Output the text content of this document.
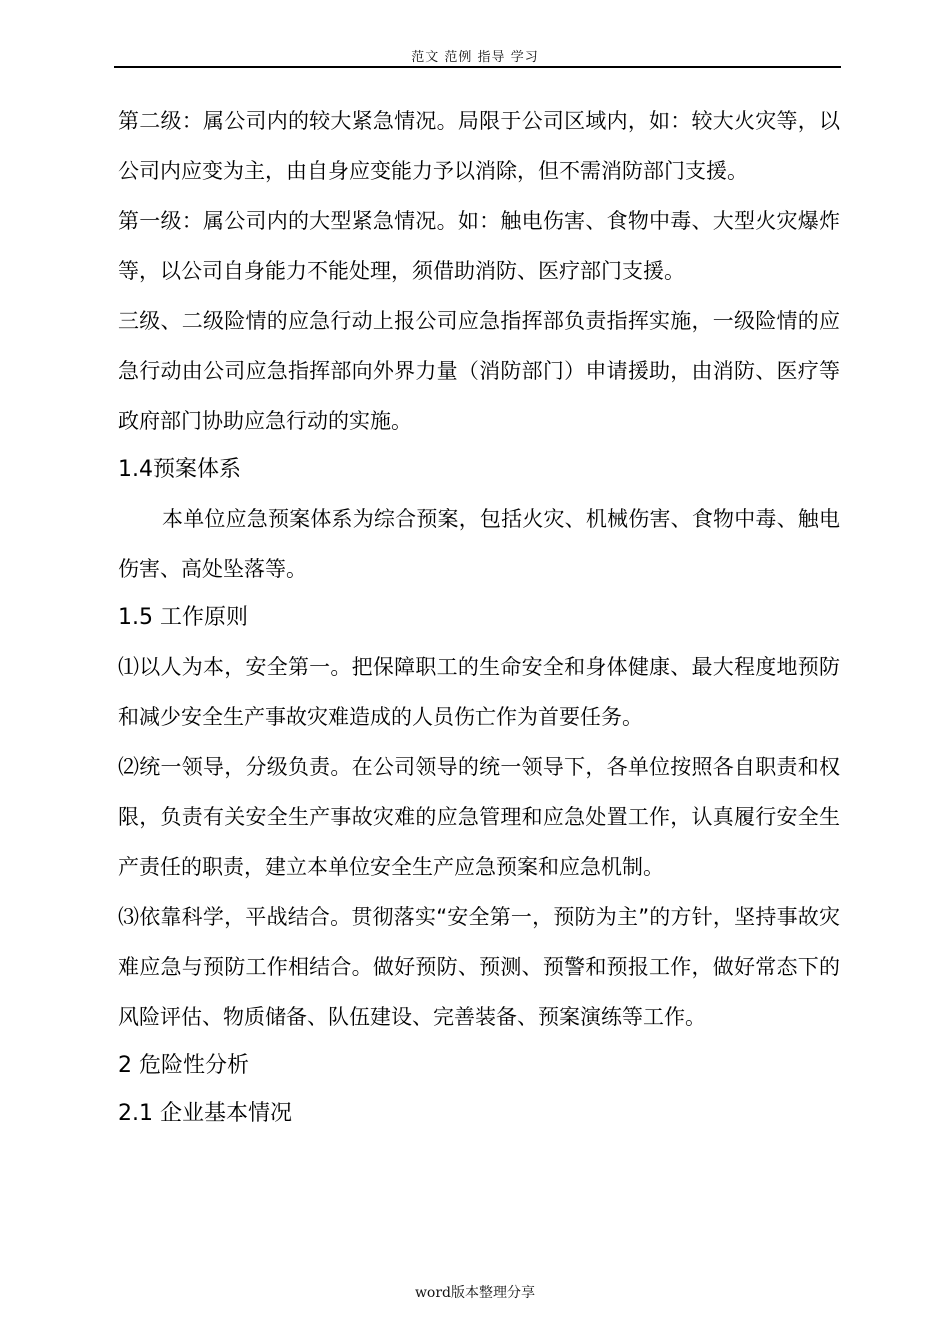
范文 范例 指导 学习

第二级：属公司内的较大紧急情况。局限于公司区域内，如：较大火灾等，以公司内应变为主，由自身应变能力予以消除，但不需消防部门支援。

第一级：属公司内的大型紧急情况。如：触电伤害、食物中毒、大型火灾爆炸等，以公司自身能力不能处理，须借助消防、医疗部门支援。

三级、二级险情的应急行动上报公司应急指挥部负责指挥实施，一级险情的应急行动由公司应急指挥部向外界力量（消防部门）申请援助，由消防、医疗等政府部门协助应急行动的实施。

1.4预案体系

本单位应急预案体系为综合预案，包括火灾、机械伤害、食物中毒、触电伤害、高处坠落等。

1.5 工作原则

⑴以人为本，安全第一。把保障职工的生命安全和身体健康、最大程度地预防和减少安全生产事故灾难造成的人员伤亡作为首要任务。

⑵统一领导，分级负责。在公司领导的统一领导下，各单位按照各自职责和权限，负责有关安全生产事故灾难的应急管理和应急处置工作，认真履行安全生产责任的职责，建立本单位安全生产应急预案和应急机制。

⑶依靠科学，平战结合。贯彻落实“安全第一，预防为主”的方针，坚持事故灾难应急与预防工作相结合。做好预防、预测、预警和预报工作，做好常态下的风险评估、物质储备、队伍建设、完善装备、预案演练等工作。

2 危险性分析

2.1 企业基本情况

word版本整理分享
